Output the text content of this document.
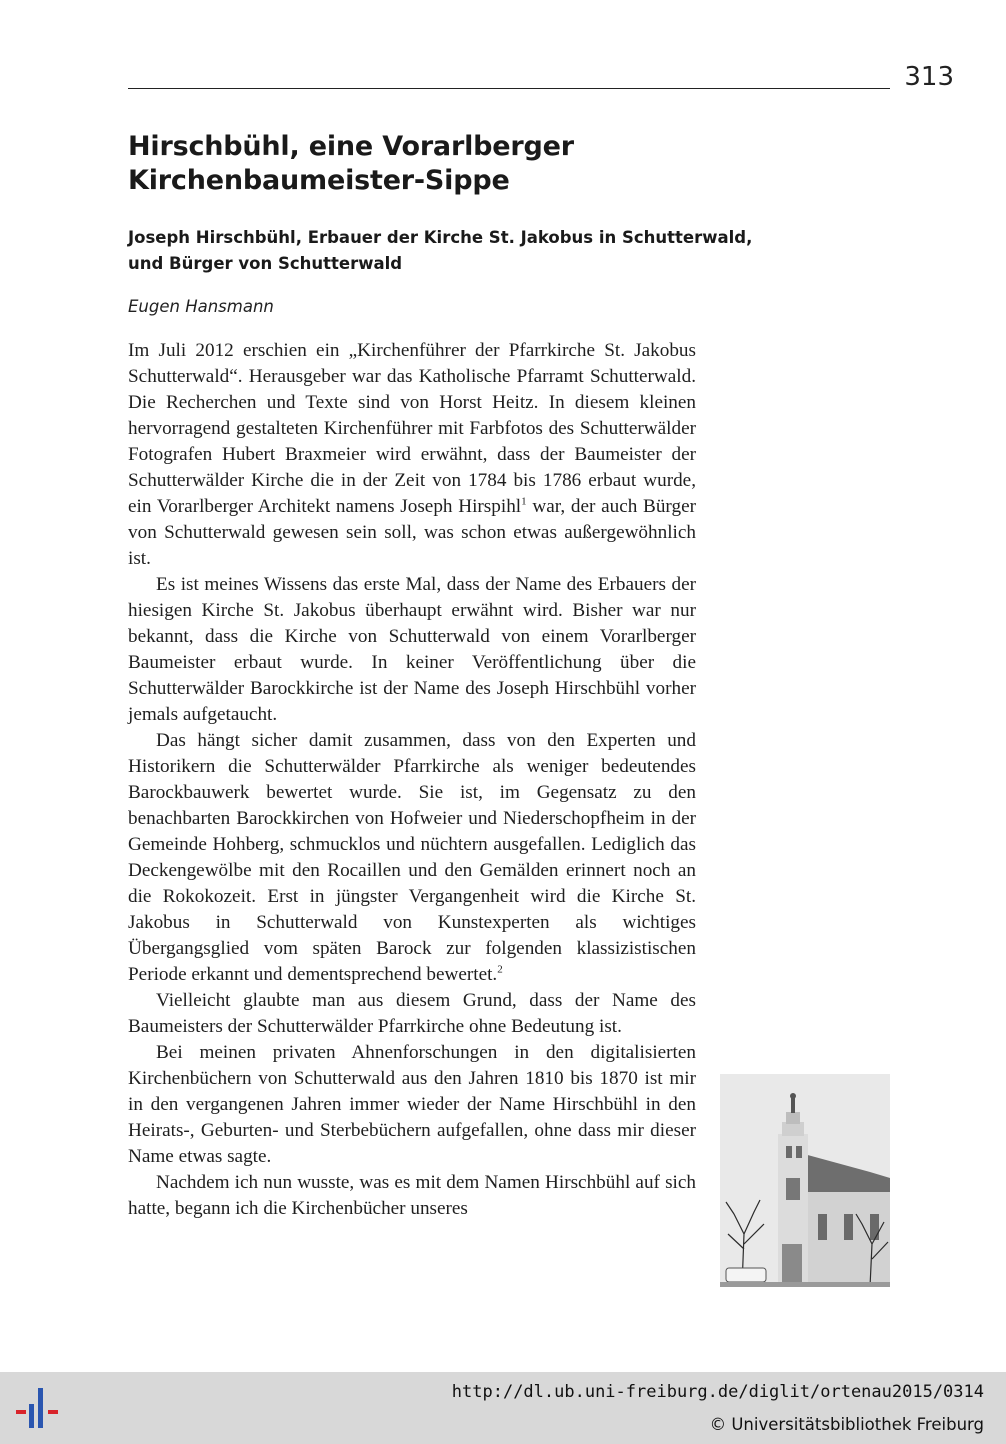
313
Hirschbühl, eine Vorarlberger
Kirchenbaumeister-Sippe
Joseph Hirschbühl, Erbauer der Kirche St. Jakobus in Schutterwald,
und Bürger von Schutterwald

Eugen Hansmann

Im Juli 2012 erschien ein „Kirchenführer der Pfarrkirche St. Jakobus Schutterwald“. Herausgeber war das Katholische Pfarramt Schutterwald. Die Recherchen und Texte sind von Horst Heitz. In diesem kleinen hervorragend gestalteten Kirchenführer mit Farbfotos des Schutterwälder Fotografen Hubert Braxmeier wird erwähnt, dass der Baumeister der Schutterwälder Kirche die in der Zeit von 1784 bis 1786 erbaut wurde, ein Vorarlberger Architekt namens Joseph Hirspihl$^1$ war, der auch Bürger von Schutterwald gewesen sein soll, was schon etwas außergewöhnlich ist.

Es ist meines Wissens das erste Mal, dass der Name des Erbauers der hiesigen Kirche St. Jakobus überhaupt erwähnt wird. Bisher war nur bekannt, dass die Kirche von Schutterwald von einem Vorarlberger Baumeister erbaut wurde. In keiner Veröffentlichung über die Schutterwälder Barockkirche ist der Name des Joseph Hirschbühl vorher jemals aufgetaucht.

Das hängt sicher damit zusammen, dass von den Experten und Historikern die Schutterwälder Pfarrkirche als weniger bedeutendes Barockbauwerk bewertet wurde. Sie ist, im Gegensatz zu den benachbarten Barockkirchen von Hofweier und Niederschopfheim in der Gemeinde Hohberg, schmucklos und nüchtern ausgefallen. Lediglich das Deckengewölbe mit den Rocaillen und den Gemälden erinnert noch an die Rokokozeit. Erst in jüngster Vergangenheit wird die Kirche St. Jakobus in Schutterwald von Kunstexperten als wichtiges Übergangsglied vom späten Barock zur folgenden klassizistischen Periode erkannt und dementsprechend bewertet.$^2$

Vielleicht glaubte man aus diesem Grund, dass der Name des Baumeisters der Schutterwälder Pfarrkirche ohne Bedeutung ist.

Bei meinen privaten Ahnenforschungen in den digitalisierten Kirchenbüchern von Schutterwald aus den Jahren 1810 bis 1870 ist mir in den vergangenen Jahren immer wieder der Name Hirschbühl in den Heirats-, Geburten- und Sterbebüchern aufgefallen, ohne dass mir dieser Name etwas sagte.

Nachdem ich nun wusste, was es mit dem Namen Hirschbühl auf sich hatte, begann ich die Kirchenbücher unseres

http://dl.ub.uni-freiburg.de/diglit/ortenau2015/0314
© Universitätsbibliothek Freiburg
